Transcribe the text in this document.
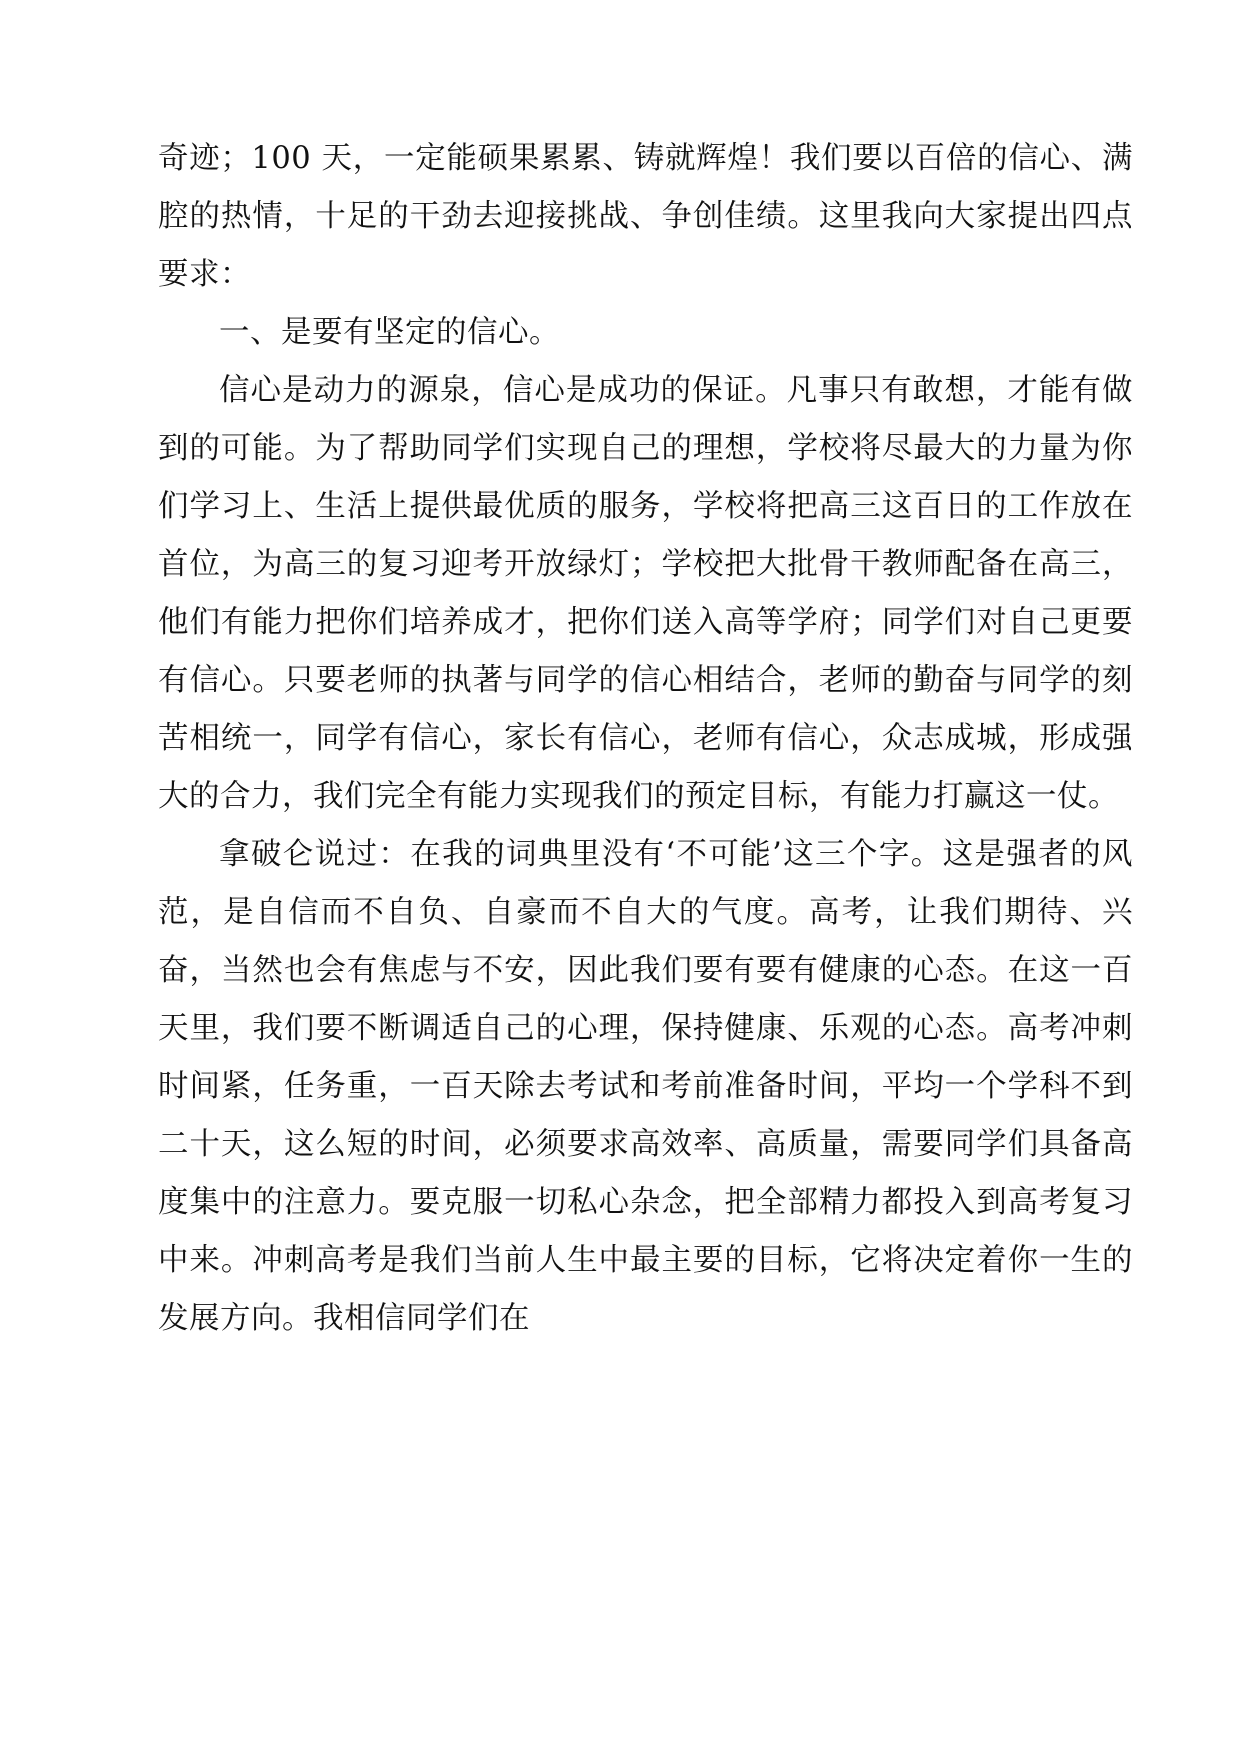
奇迹；100 天，一定能硕果累累、铸就辉煌！我们要以百倍的信心、满腔的热情，十足的干劲去迎接挑战、争创佳绩。这里我向大家提出四点要求：

一、是要有坚定的信心。

信心是动力的源泉，信心是成功的保证。凡事只有敢想，才能有做到的可能。为了帮助同学们实现自己的理想，学校将尽最大的力量为你们学习上、生活上提供最优质的服务，学校将把高三这百日的工作放在首位，为高三的复习迎考开放绿灯；学校把大批骨干教师配备在高三，他们有能力把你们培养成才，把你们送入高等学府；同学们对自己更要有信心。只要老师的执著与同学的信心相结合，老师的勤奋与同学的刻苦相统一，同学有信心，家长有信心，老师有信心，众志成城，形成强大的合力，我们完全有能力实现我们的预定目标，有能力打赢这一仗。

拿破仑说过：在我的词典里没有‘不可能’这三个字。这是强者的风范，是自信而不自负、自豪而不自大的气度。高考，让我们期待、兴奋，当然也会有焦虑与不安，因此我们要有要有健康的心态。在这一百天里，我们要不断调适自己的心理，保持健康、乐观的心态。高考冲刺时间紧，任务重，一百天除去考试和考前准备时间，平均一个学科不到二十天，这么短的时间，必须要求高效率、高质量，需要同学们具备高度集中的注意力。要克服一切私心杂念，把全部精力都投入到高考复习中来。冲刺高考是我们当前人生中最主要的目标，它将决定着你一生的发展方向。我相信同学们在
